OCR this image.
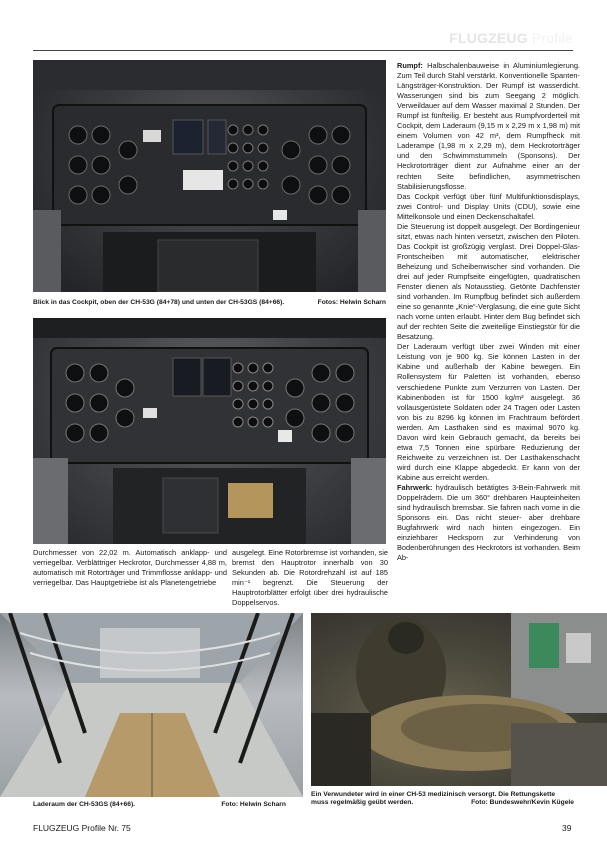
FLUGZEUG Profile
Blick in das Cockpit, oben der CH-53G (84+78) und unten der CH-53GS (84+66).	Fotos: Helwin Scharn

Durchmesser von 22,02 m. Automatisch anklapp- und verriegelbar. Verblättriger Heckrotor, Durchmesser 4,88 m, automatisch mit Rotorträger und Trimmflosse anklapp- und verriegelbar. Das Hauptgetriebe ist als Planetengetriebe

ausgelegt. Eine Rotorbremse ist vorhanden, sie bremst den Hauptrotor innerhalb von 30 Sekunden ab. Die Rotordrehzahl ist auf 185 min⁻¹ begrenzt. Die Steuerung der Hauptrotorblätter erfolgt über drei hydraulische Doppelservos.

Rumpf: Halbschalenbauweise in Aluminiumlegierung. Zum Teil durch Stahl verstärkt. Konventionelle Spanten-Längsträger-Konstruktion. Der Rumpf ist wasserdicht. Wasserungen sind bis zum Seegang 2 möglich. Verweildauer auf dem Wasser maximal 2 Stunden. Der Rumpf ist fünfteilig. Er besteht aus Rumpfvorderteil mit Cockpit, dem Laderaum (9,15 m x 2,29 m x 1,98 m) mit einem Volumen von 42 m³, dem Rumpfheck mit Laderampe (1,98 m x 2,29 m), dem Heckrotorträger und den Schwimmstummeln (Sponsons). Der Heckrotorträger dient zur Aufnahme einer an der rechten Seite befindlichen, asymmetrischen Stabilisierungsflosse.

Das Cockpit verfügt über fünf Multifunktionsdisplays, zwei Control- und Display Units (CDU), sowie eine Mittelkonsole und einen Deckenschaltafel.

Die Steuerung ist doppelt ausgelegt. Der Bordingenieur sitzt, etwas nach hinten versetzt, zwischen den Piloten. Das Cockpit ist großzügig verglast. Drei Doppel-Glas-Frontscheiben mit automatischer, elektrischer Beheizung und Scheibenwischer sind vorhanden. Die drei auf jeder Rumpfseite eingefügten, quadratischen Fenster dienen als Notausstieg. Getönte Dachfenster sind vorhanden. Im Rumpfbug befindet sich außerdem eine so genannte „Knie“-Verglasung, die eine gute Sicht nach vorne unten erlaubt. Hinter dem Bug befindet sich auf der rechten Seite die zweiteilige Einstiegstür für die Besatzung.

Der Laderaum verfügt über zwei Winden mit einer Leistung von je 900 kg. Sie können Lasten in der Kabine und außerhalb der Kabine bewegen. Ein Rollensystem für Paletten ist vorhanden, ebenso verschiedene Punkte zum Verzurren von Lasten. Der Kabinenboden ist für 1500 kg/m² ausgelegt. 36 vollausgerüstete Soldaten oder 24 Tragen oder Lasten von bis zu 8296 kg können im Frachtraum befördert werden. Am Lasthaken sind es maximal 9070 kg. Davon wird kein Gebrauch gemacht, da bereits bei etwa 7,5 Tonnen eine spürbare Reduzierung der Reichweite zu verzeichnen ist. Der Lasthakenschacht wird durch eine Klappe abgedeckt. Er kann von der Kabine aus erreicht werden.

Fahrwerk: hydraulisch betätigtes 3-Bein-Fahrwerk mit Doppelrädern. Die um 360° drehbaren Haupteinheiten sind hydraulisch bremsbar. Sie fahren nach vorne in die Sponsons ein. Das nicht steuer- aber drehbare Bugfahrwerk wird nach hinten eingezogen. Ein einziehbarer Hecksporn zur Verhinderung von Bodenberührungen des Heckrotors ist vorhanden. Beim Ab-

Laderaum der CH-53GS (84+66).	Foto: Helwin Scharn
Ein Verwundeter wird in einer CH-53 medizinisch versorgt. Die Rettungskette
muss regelmäßig geübt werden.	Foto: Bundeswehr/Kevin Kügele
FLUGZEUG Profile Nr. 75	39
